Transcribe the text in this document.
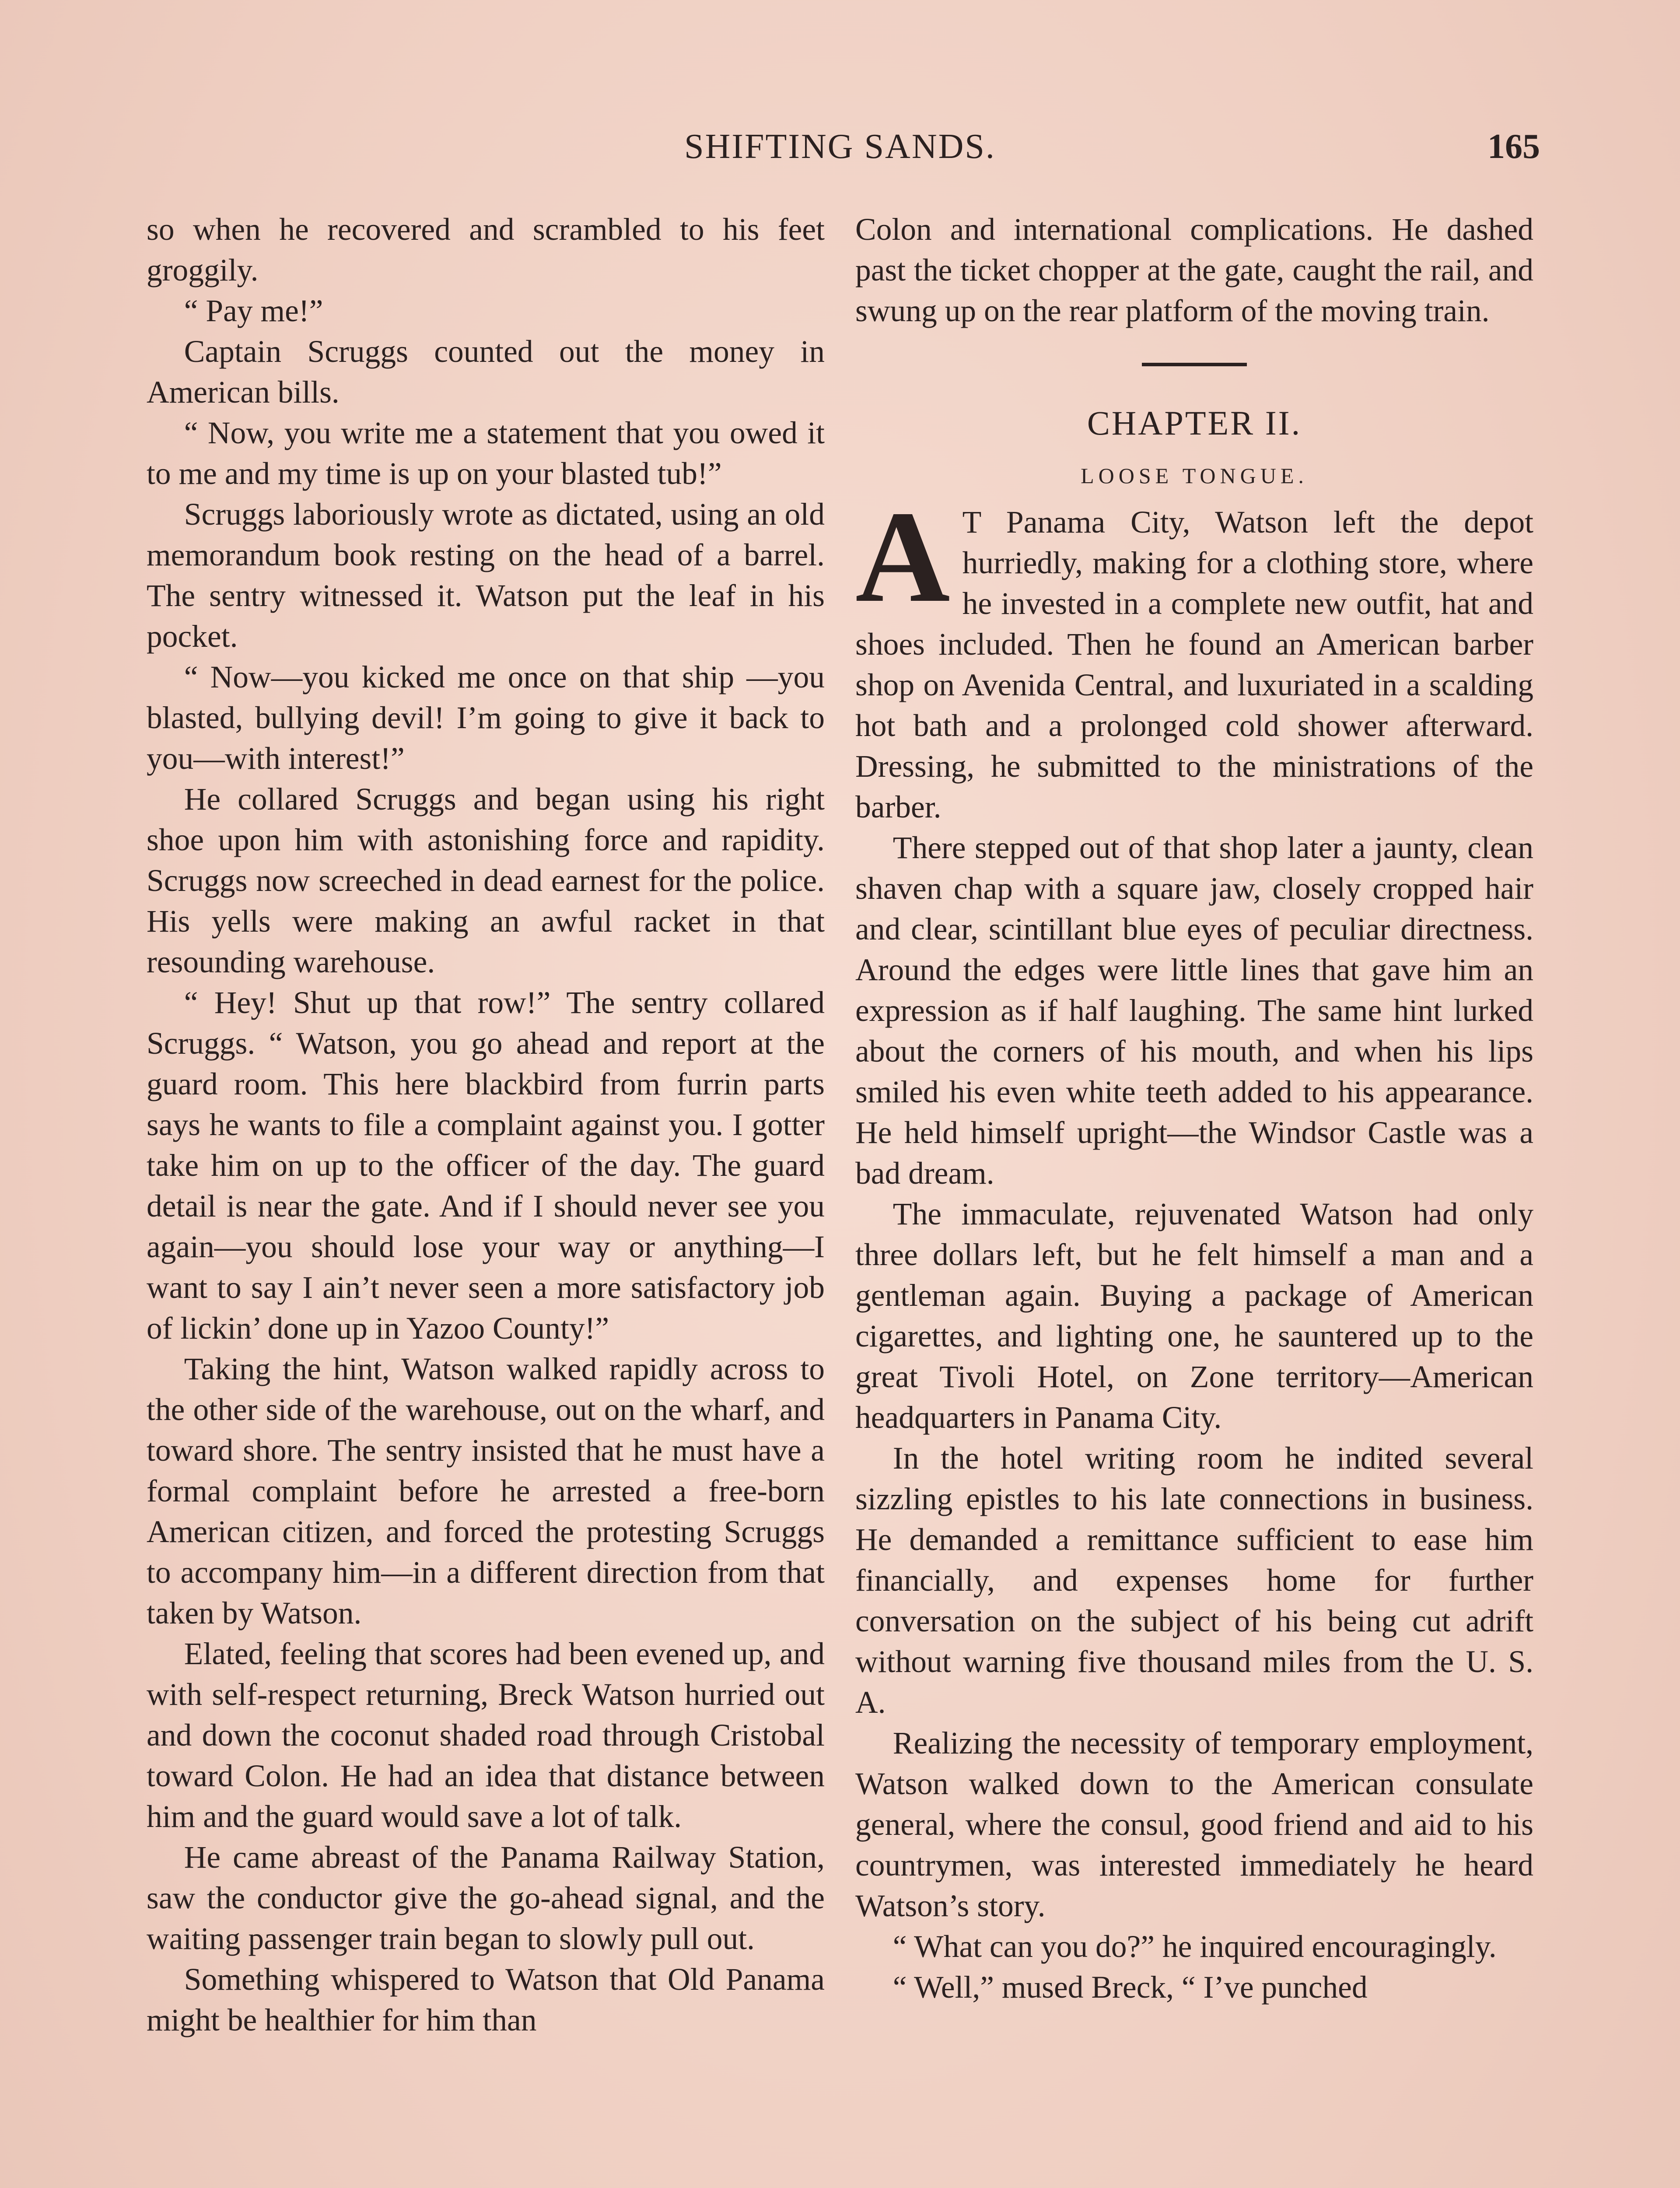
SHIFTING SANDS.	165

so when he recovered and scrambled to his feet groggily.

“ Pay me!”

Captain Scruggs counted out the money in American bills.

“ Now, you write me a statement that you owed it to me and my time is up on your blasted tub!”

Scruggs laboriously wrote as dictated, using an old memorandum book resting on the head of a barrel. The sentry witnessed it. Watson put the leaf in his pocket.

“ Now—you kicked me once on that ship —you blasted, bullying devil! I’m going to give it back to you—with interest!”

He collared Scruggs and began using his right shoe upon him with astonishing force and rapidity. Scruggs now screeched in dead earnest for the police. His yells were making an awful racket in that resounding warehouse.

“ Hey! Shut up that row!” The sentry collared Scruggs. “ Watson, you go ahead and report at the guard room. This here blackbird from furrin parts says he wants to file a complaint against you. I gotter take him on up to the officer of the day. The guard detail is near the gate. And if I should never see you again—you should lose your way or anything—I want to say I ain’t never seen a more satisfactory job of lickin’ done up in Yazoo County!”

Taking the hint, Watson walked rapidly across to the other side of the warehouse, out on the wharf, and toward shore. The sentry insisted that he must have a formal complaint before he arrested a free-born American citizen, and forced the protesting Scruggs to accompany him—in a different direction from that taken by Watson.

Elated, feeling that scores had been evened up, and with self-respect returning, Breck Watson hurried out and down the coconut shaded road through Cristobal toward Colon. He had an idea that distance between him and the guard would save a lot of talk.

He came abreast of the Panama Railway Station, saw the conductor give the go-ahead signal, and the waiting passenger train began to slowly pull out.

Something whispered to Watson that Old Panama might be healthier for him than

Colon and international complications. He dashed past the ticket chopper at the gate, caught the rail, and swung up on the rear platform of the moving train.

CHAPTER II.

LOOSE TONGUE.

A T Panama City, Watson left the depot hurriedly, making for a clothing store, where he invested in a complete new outfit, hat and shoes included. Then he found an American barber shop on Avenida Central, and luxuriated in a scalding hot bath and a prolonged cold shower afterward. Dressing, he submitted to the ministrations of the barber.

There stepped out of that shop later a jaunty, clean shaven chap with a square jaw, closely cropped hair and clear, scintillant blue eyes of peculiar directness. Around the edges were little lines that gave him an expression as if half laughing. The same hint lurked about the corners of his mouth, and when his lips smiled his even white teeth added to his appearance. He held himself upright—the Windsor Castle was a bad dream.

The immaculate, rejuvenated Watson had only three dollars left, but he felt himself a man and a gentleman again. Buying a package of American cigarettes, and lighting one, he sauntered up to the great Tivoli Hotel, on Zone territory—American headquarters in Panama City.

In the hotel writing room he indited several sizzling epistles to his late connections in business. He demanded a remittance sufficient to ease him financially, and expenses home for further conversation on the subject of his being cut adrift without warning five thousand miles from the U. S. A.

Realizing the necessity of temporary employment, Watson walked down to the American consulate general, where the consul, good friend and aid to his countrymen, was interested immediately he heard Watson’s story.

“ What can you do?” he inquired encouragingly.

“ Well,” mused Breck, “ I’ve punched
